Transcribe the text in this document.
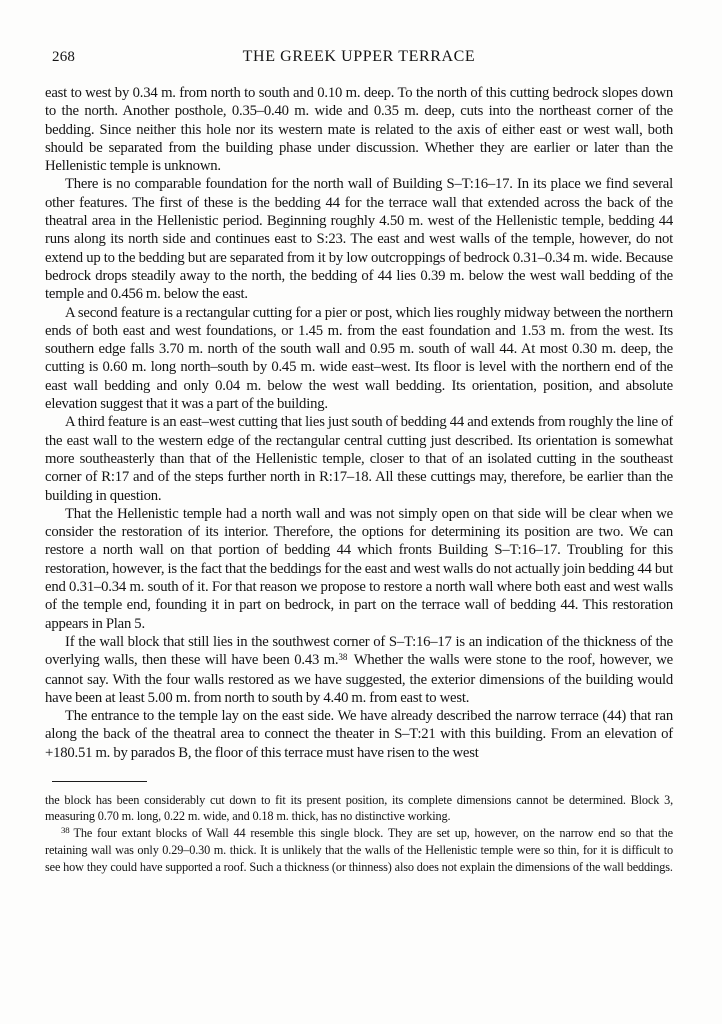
268	THE GREEK UPPER TERRACE

east to west by 0.34 m. from north to south and 0.10 m. deep. To the north of this cutting bedrock slopes down to the north. Another posthole, 0.35–0.40 m. wide and 0.35 m. deep, cuts into the northeast corner of the bedding. Since neither this hole nor its western mate is related to the axis of either east or west wall, both should be separated from the building phase under discussion. Whether they are earlier or later than the Hellenistic temple is unknown.

There is no comparable foundation for the north wall of Building S–T:16–17. In its place we find several other features. The first of these is the bedding 44 for the terrace wall that extended across the back of the theatral area in the Hellenistic period. Beginning roughly 4.50 m. west of the Hellenistic temple, bedding 44 runs along its north side and continues east to S:23. The east and west walls of the temple, however, do not extend up to the bedding but are separated from it by low outcroppings of bedrock 0.31–0.34 m. wide. Because bedrock drops steadily away to the north, the bedding of 44 lies 0.39 m. below the west wall bedding of the temple and 0.456 m. below the east.

A second feature is a rectangular cutting for a pier or post, which lies roughly midway between the northern ends of both east and west foundations, or 1.45 m. from the east foundation and 1.53 m. from the west. Its southern edge falls 3.70 m. north of the south wall and 0.95 m. south of wall 44. At most 0.30 m. deep, the cutting is 0.60 m. long north–south by 0.45 m. wide east–west. Its floor is level with the northern end of the east wall bedding and only 0.04 m. below the west wall bedding. Its orientation, position, and absolute elevation suggest that it was a part of the building.

A third feature is an east–west cutting that lies just south of bedding 44 and extends from roughly the line of the east wall to the western edge of the rectangular central cutting just described. Its orientation is somewhat more southeasterly than that of the Hellenistic temple, closer to that of an isolated cutting in the southeast corner of R:17 and of the steps further north in R:17–18. All these cuttings may, therefore, be earlier than the building in question.

That the Hellenistic temple had a north wall and was not simply open on that side will be clear when we consider the restoration of its interior. Therefore, the options for determining its position are two. We can restore a north wall on that portion of bedding 44 which fronts Building S–T:16–17. Troubling for this restoration, however, is the fact that the beddings for the east and west walls do not actually join bedding 44 but end 0.31–0.34 m. south of it. For that reason we propose to restore a north wall where both east and west walls of the temple end, founding it in part on bedrock, in part on the terrace wall of bedding 44. This restoration appears in Plan 5.

If the wall block that still lies in the southwest corner of S–T:16–17 is an indication of the thickness of the overlying walls, then these will have been 0.43 m.$^{38}$ Whether the walls were stone to the roof, however, we cannot say. With the four walls restored as we have suggested, the exterior dimensions of the building would have been at least 5.00 m. from north to south by 4.40 m. from east to west.

The entrance to the temple lay on the east side. We have already described the narrow terrace (44) that ran along the back of the theatral area to connect the theater in S–T:21 with this building. From an elevation of +180.51 m. by parados B, the floor of this terrace must have risen to the west

the block has been considerably cut down to fit its present position, its complete dimensions cannot be determined. Block 3, measuring 0.70 m. long, 0.22 m. wide, and 0.18 m. thick, has no distinctive working.

$^{38}$ The four extant blocks of Wall 44 resemble this single block. They are set up, however, on the narrow end so that the retaining wall was only 0.29–0.30 m. thick. It is unlikely that the walls of the Hellenistic temple were so thin, for it is difficult to see how they could have supported a roof. Such a thickness (or thinness) also does not explain the dimensions of the wall beddings.
